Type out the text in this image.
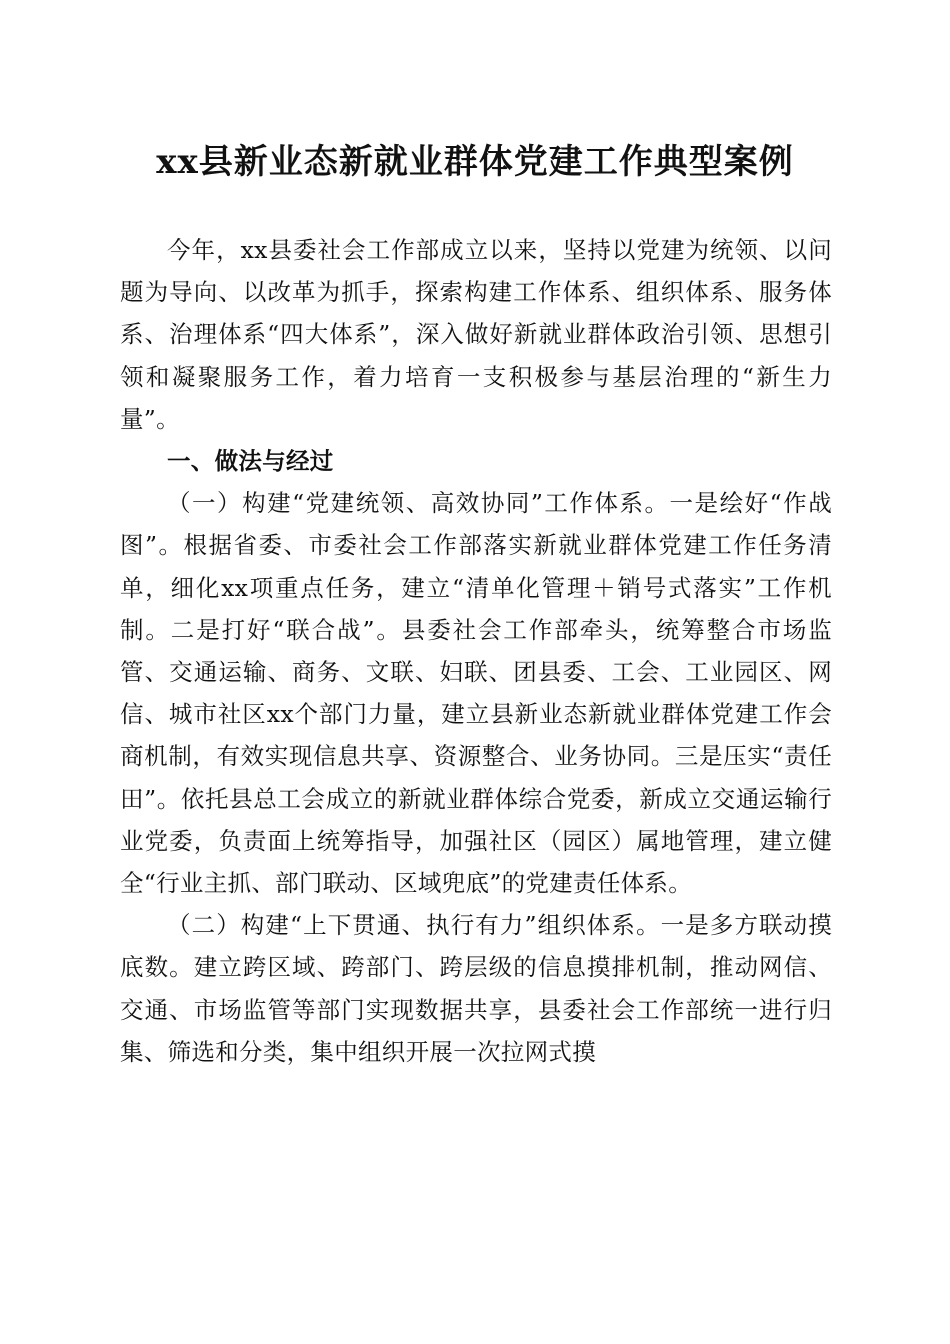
xx县新业态新就业群体党建工作典型案例

今年，xx县委社会工作部成立以来，坚持以党建为统领、以问题为导向、以改革为抓手，探索构建工作体系、组织体系、服务体系、治理体系“四大体系”，深入做好新就业群体政治引领、思想引领和凝聚服务工作，着力培育一支积极参与基层治理的“新生力量”。

一、做法与经过

（一）构建“党建统领、高效协同”工作体系。一是绘好“作战图”。根据省委、市委社会工作部落实新就业群体党建工作任务清单，细化xx项重点任务，建立“清单化管理＋销号式落实”工作机制。二是打好“联合战”。县委社会工作部牵头，统筹整合市场监管、交通运输、商务、文联、妇联、团县委、工会、工业园区、网信、城市社区xx个部门力量，建立县新业态新就业群体党建工作会商机制，有效实现信息共享、资源整合、业务协同。三是压实“责任田”。依托县总工会成立的新就业群体综合党委，新成立交通运输行业党委，负责面上统筹指导，加强社区（园区）属地管理，建立健全“行业主抓、部门联动、区域兜底”的党建责任体系。

（二）构建“上下贯通、执行有力”组织体系。一是多方联动摸底数。建立跨区域、跨部门、跨层级的信息摸排机制，推动网信、交通、市场监管等部门实现数据共享，县委社会工作部统一进行归集、筛选和分类，集中组织开展一次拉网式摸
